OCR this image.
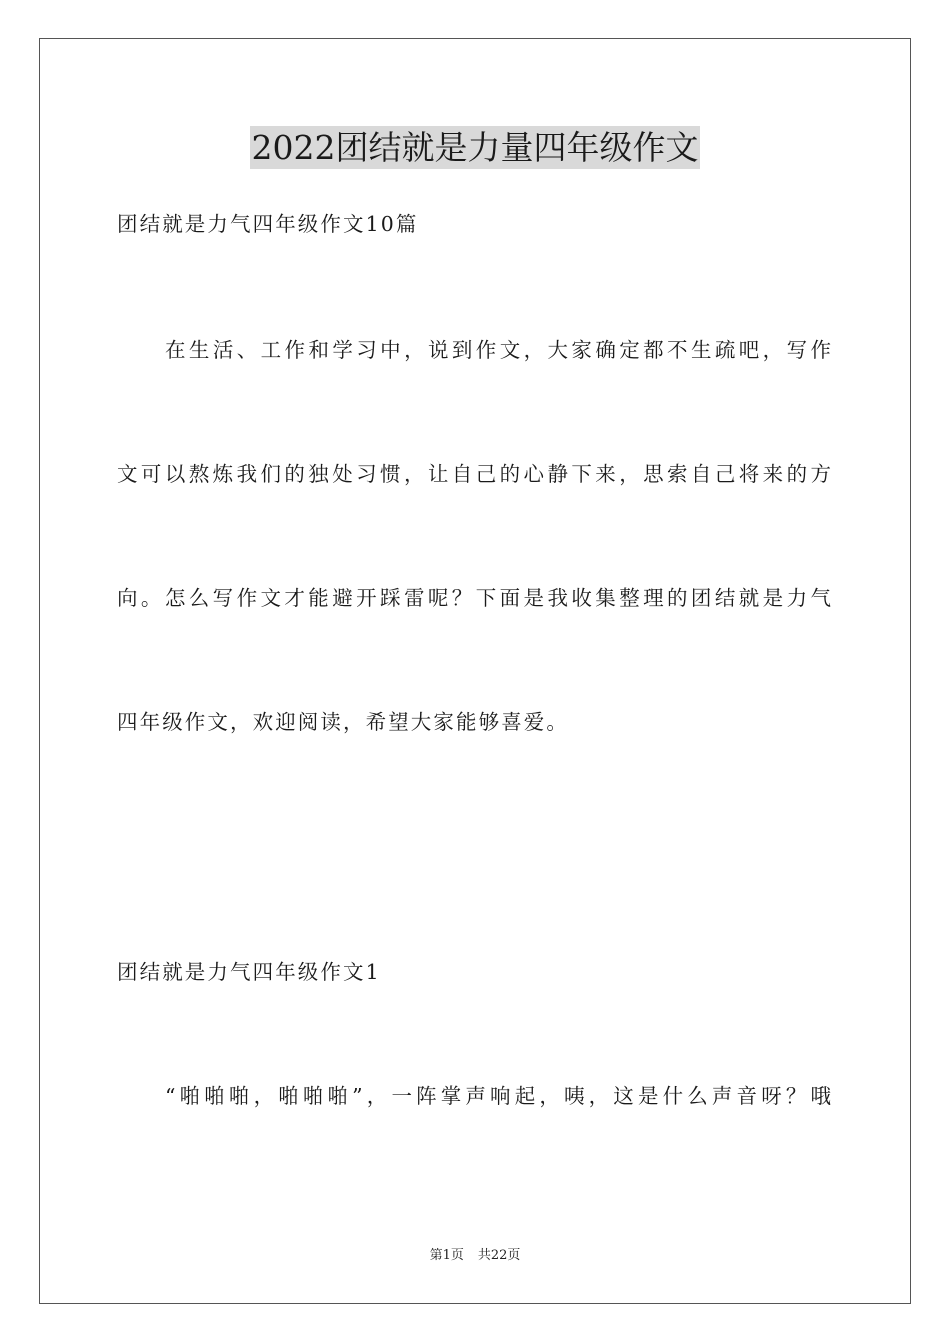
2022团结就是力量四年级作文
团结就是力气四年级作文10篇
在生活、工作和学习中，说到作文，大家确定都不生疏吧，写作
文可以熬炼我们的独处习惯，让自己的心静下来，思索自己将来的方
向。怎么写作文才能避开踩雷呢？下面是我收集整理的团结就是力气
四年级作文，欢迎阅读，希望大家能够喜爱。
团结就是力气四年级作文1
“啪啪啪，啪啪啪”，一阵掌声响起，咦，这是什么声音呀？哦
第1页 共22页
